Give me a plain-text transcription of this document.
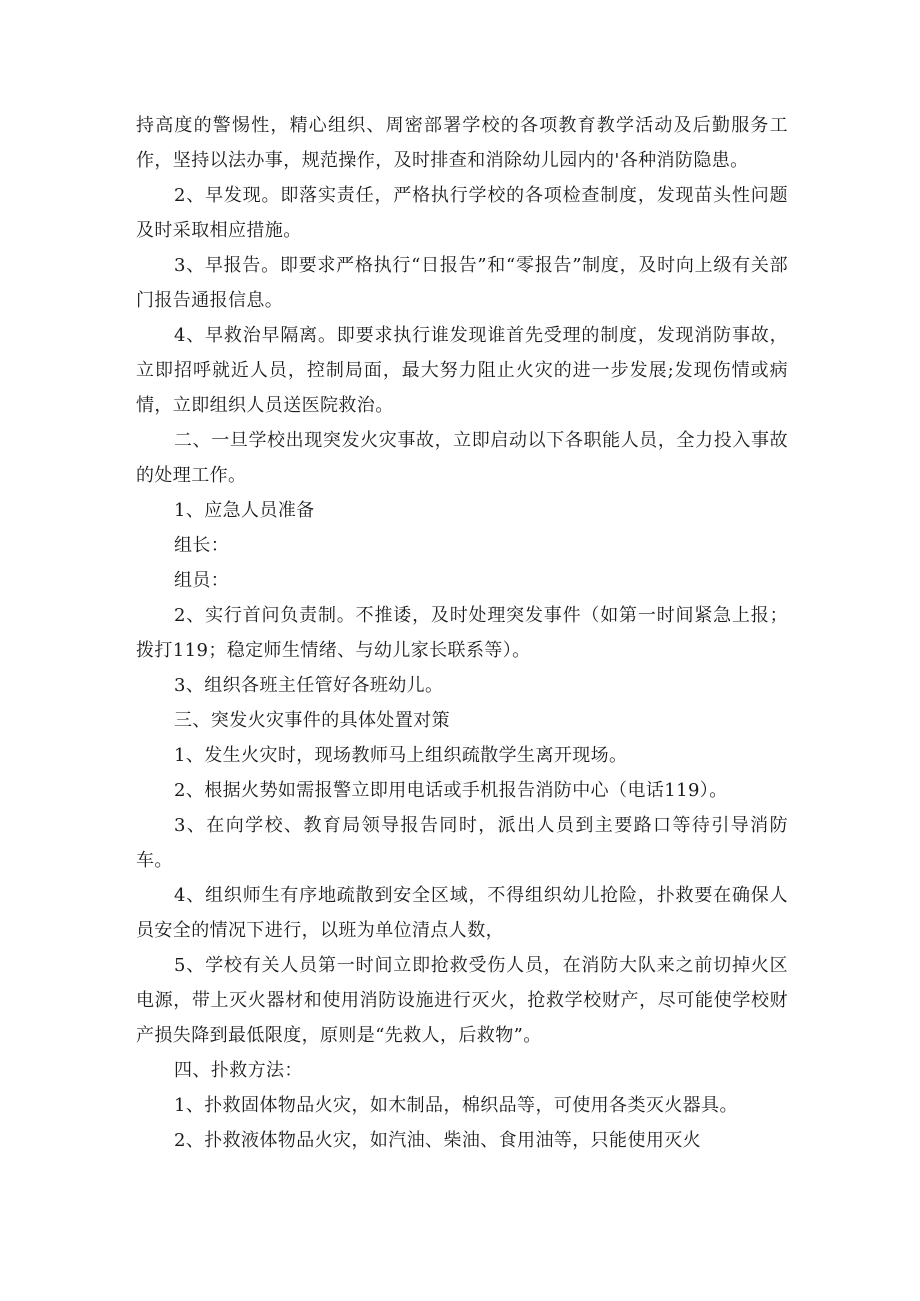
持高度的警惕性，精心组织、周密部署学校的各项教育教学活动及后勤服务工作，坚持以法办事，规范操作，及时排查和消除幼儿园内的'各种消防隐患。

2、早发现。即落实责任，严格执行学校的各项检查制度，发现苗头性问题及时采取相应措施。

3、早报告。即要求严格执行“日报告”和“零报告”制度，及时向上级有关部门报告通报信息。

4、早救治早隔离。即要求执行谁发现谁首先受理的制度，发现消防事故，立即招呼就近人员，控制局面，最大努力阻止火灾的进一步发展;发现伤情或病情，立即组织人员送医院救治。

二、一旦学校出现突发火灾事故，立即启动以下各职能人员，全力投入事故的处理工作。

1、应急人员准备

组长：

组员：

2、实行首问负责制。不推诿，及时处理突发事件（如第一时间紧急上报；拨打119；稳定师生情绪、与幼儿家长联系等）。

3、组织各班主任管好各班幼儿。

三、突发火灾事件的具体处置对策

1、发生火灾时，现场教师马上组织疏散学生离开现场。

2、根据火势如需报警立即用电话或手机报告消防中心（电话119）。

3、在向学校、教育局领导报告同时，派出人员到主要路口等待引导消防车。

4、组织师生有序地疏散到安全区域，不得组织幼儿抢险，扑救要在确保人员安全的情况下进行，以班为单位清点人数，

5、学校有关人员第一时间立即抢救受伤人员，在消防大队来之前切掉火区电源，带上灭火器材和使用消防设施进行灭火，抢救学校财产，尽可能使学校财产损失降到最低限度，原则是“先救人，后救物”。

四、扑救方法：

1、扑救固体物品火灾，如木制品，棉织品等，可使用各类灭火器具。

2、扑救液体物品火灾，如汽油、柴油、食用油等，只能使用灭火
